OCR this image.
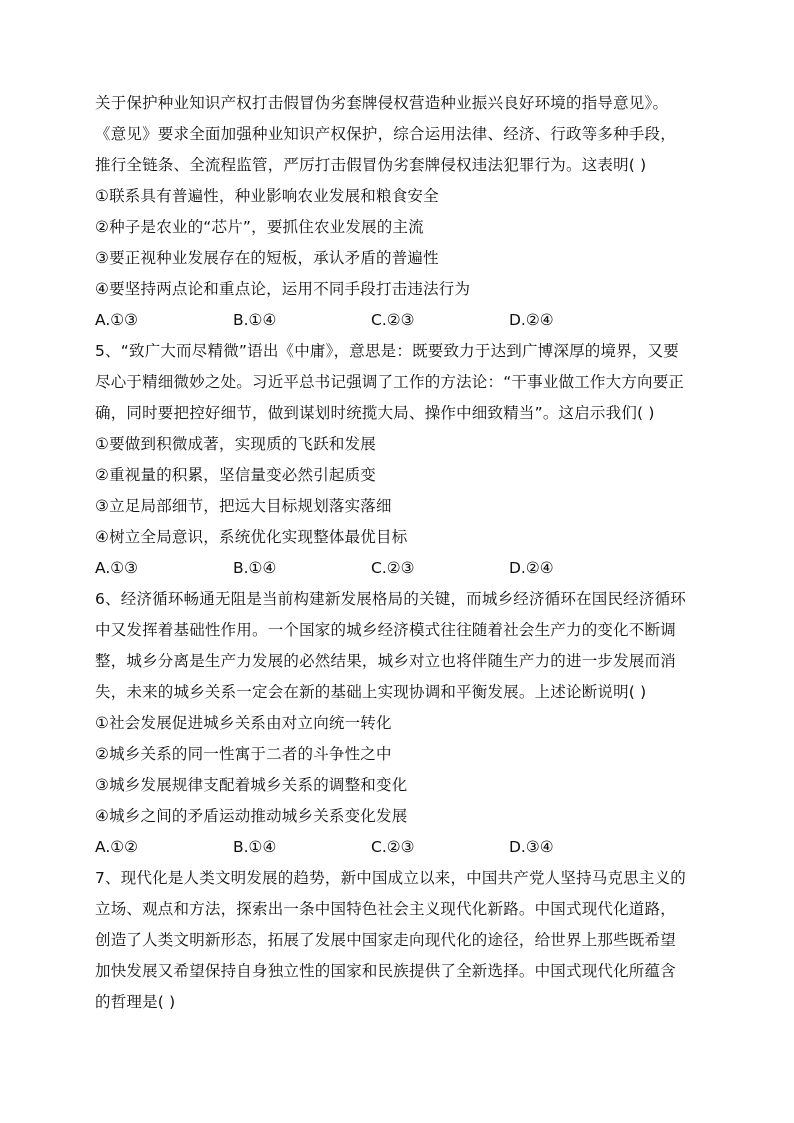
关于保护种业知识产权打击假冒伪劣套牌侵权营造种业振兴良好环境的指导意见》。
《意见》要求全面加强种业知识产权保护，综合运用法律、经济、行政等多种手段，
推行全链条、全流程监管，严厉打击假冒伪劣套牌侵权违法犯罪行为。这表明( )
①联系具有普遍性，种业影响农业发展和粮食安全
②种子是农业的“芯片”，要抓住农业发展的主流
③要正视种业发展存在的短板，承认矛盾的普遍性
④要坚持两点论和重点论，运用不同手段打击违法行为
A.①③	B.①④	C.②③	D.②④
5、“致广大而尽精微”语出《中庸》，意思是：既要致力于达到广博深厚的境界，又要
尽心于精细微妙之处。习近平总书记强调了工作的方法论：“干事业做工作大方向要正
确，同时要把控好细节，做到谋划时统揽大局、操作中细致精当”。这启示我们( )
①要做到积微成著，实现质的飞跃和发展
②重视量的积累，坚信量变必然引起质变
③立足局部细节，把远大目标规划落实落细
④树立全局意识，系统优化实现整体最优目标
A.①③	B.①④	C.②③	D.②④
6、经济循环畅通无阻是当前构建新发展格局的关键，而城乡经济循环在国民经济循环
中又发挥着基础性作用。一个国家的城乡经济模式往往随着社会生产力的变化不断调
整，城乡分离是生产力发展的必然结果，城乡对立也将伴随生产力的进一步发展而消
失，未来的城乡关系一定会在新的基础上实现协调和平衡发展。上述论断说明( )
①社会发展促进城乡关系由对立向统一转化
②城乡关系的同一性寓于二者的斗争性之中
③城乡发展规律支配着城乡关系的调整和变化
④城乡之间的矛盾运动推动城乡关系变化发展
A.①②	B.①④	C.②③	D.③④
7、现代化是人类文明发展的趋势，新中国成立以来，中国共产党人坚持马克思主义的
立场、观点和方法，探索出一条中国特色社会主义现代化新路。中国式现代化道路，
创造了人类文明新形态，拓展了发展中国家走向现代化的途径，给世界上那些既希望
加快发展又希望保持自身独立性的国家和民族提供了全新选择。中国式现代化所蕴含
的哲理是( )
